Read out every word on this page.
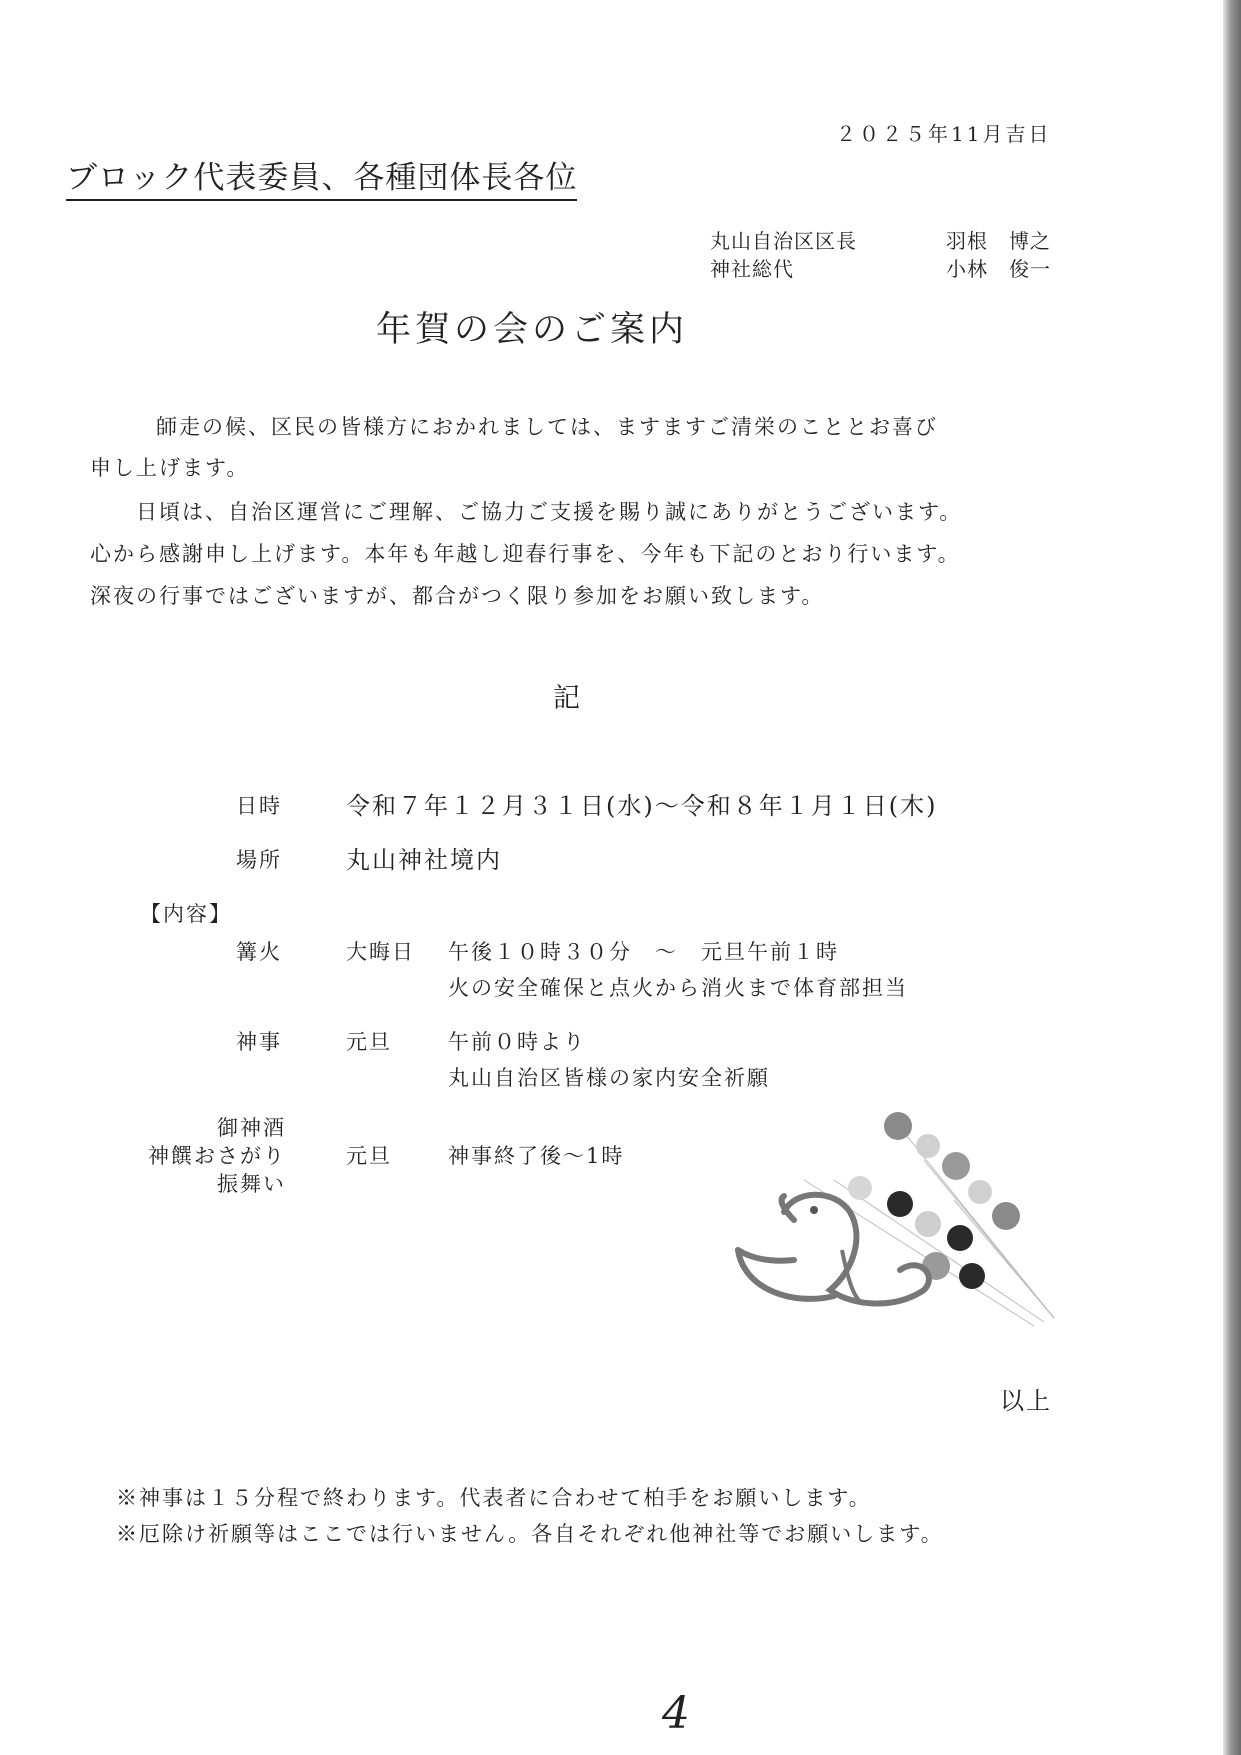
２０２５年11月吉日
ブロック代表委員、各種団体長各位
丸山自治区区長	羽根　博之
神社総代	小林　俊一
年賀の会のご案内
師走の候、区民の皆様方におかれましては、ますますご清栄のこととお喜び
申し上げます。
日頃は、自治区運営にご理解、ご協力ご支援を賜り誠にありがとうございます。
心から感謝申し上げます。本年も年越し迎春行事を、今年も下記のとおり行います。
深夜の行事ではございますが、都合がつく限り参加をお願い致します。
記
日時	令和７年１２月３１日(水)～令和８年１月１日(木)
場所	丸山神社境内
【内容】
篝火	大晦日 午後１０時３０分　～　元旦午前１時
火の安全確保と点火から消火まで体育部担当
神事	元旦	午前０時より
丸山自治区皆様の家内安全祈願
御神酒
神饌おさがり
振舞い
元旦	神事終了後～1時
以上
※神事は１５分程で終わります。代表者に合わせて柏手をお願いします。
※厄除け祈願等はここでは行いません。各自それぞれ他神社等でお願いします。
4
